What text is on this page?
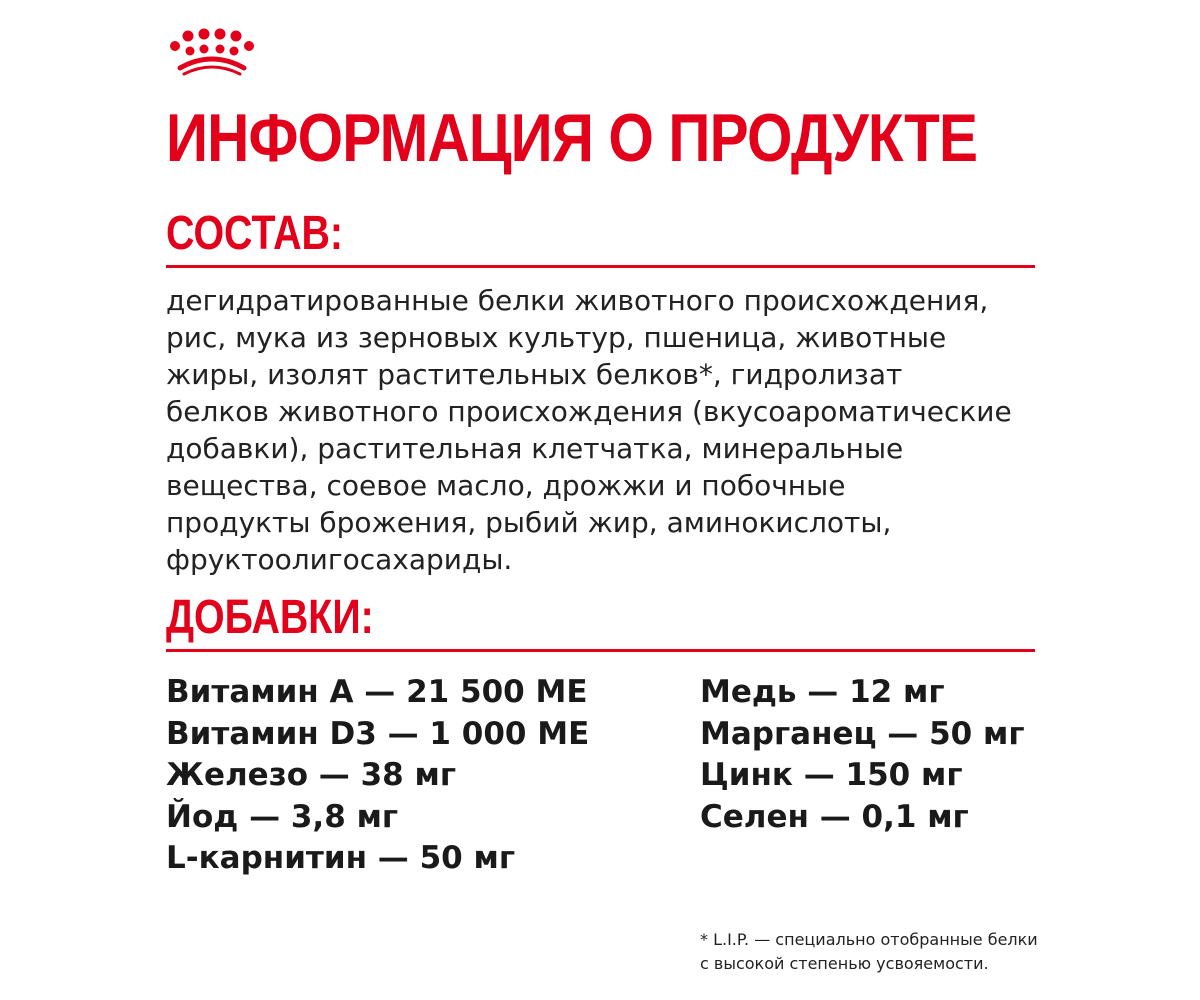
ИНФОРМАЦИЯ О ПРОДУКТЕ
СОСТАВ:

дегидратированные белки животного происхождения,
рис, мука из зерновых культур, пшеница, животные
жиры, изолят растительных белков*, гидролизат
белков животного происхождения (вкусоароматические
добавки), растительная клетчатка, минеральные
вещества, соевое масло, дрожжи и побочные
продукты брожения, рыбий жир, аминокислоты,
фруктоолигосахариды.

ДОБАВКИ:
Витамин А — 21 500 МЕ
Витамин D3 — 1 000 МЕ
Железо — 38 мг
Йод — 3,8 мг
L-карнитин — 50 мг
Медь — 12 мг
Марганец — 50 мг
Цинк — 150 мг
Селен — 0,1 мг

* L.I.P. — специально отобранные белки
с высокой степенью усвояемости.
